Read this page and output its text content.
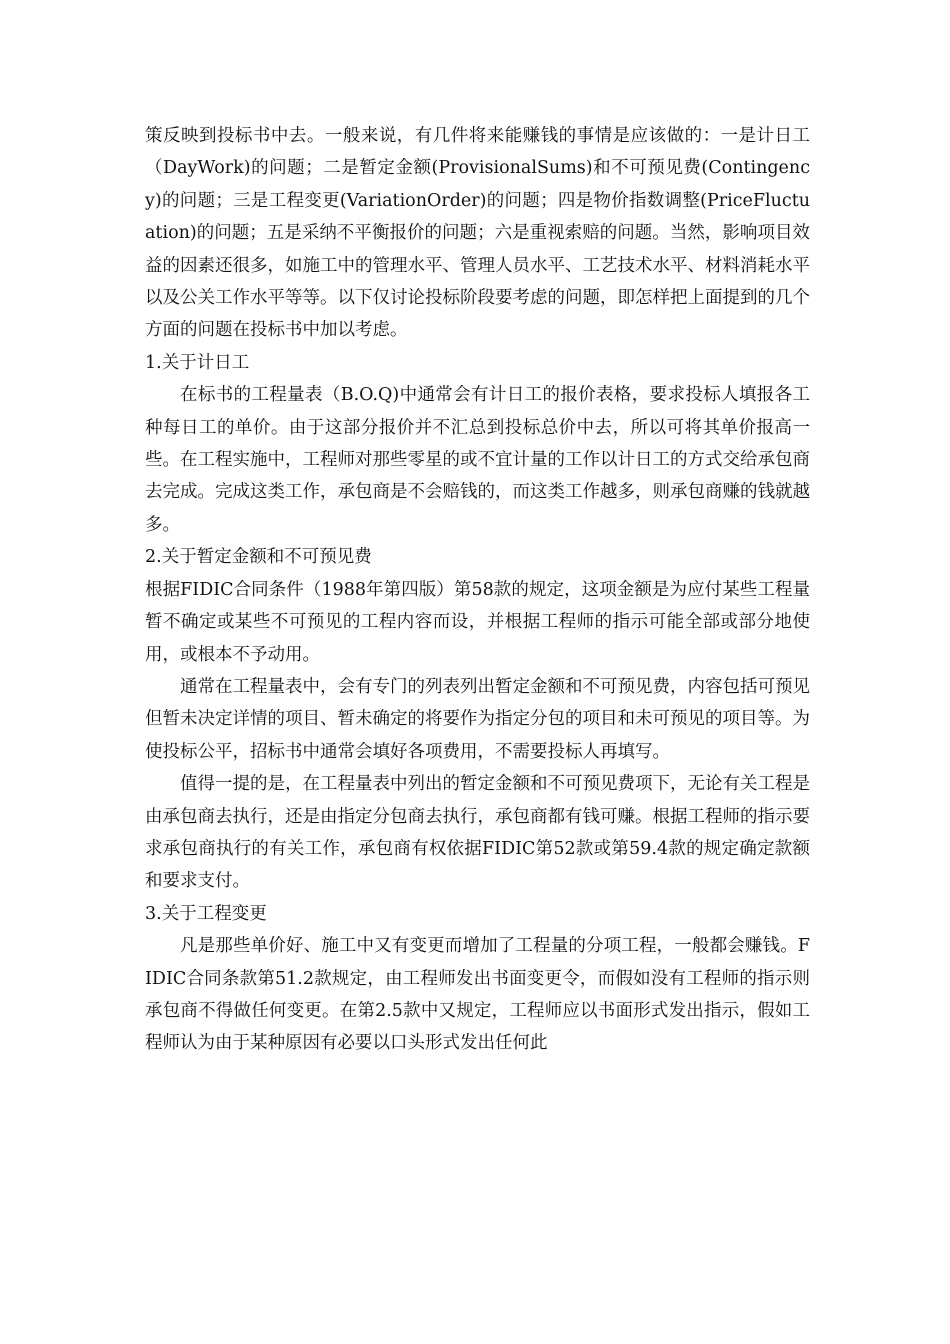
策反映到投标书中去。一般来说，有几件将来能赚钱的事情是应该做的：一是计日工（DayWork)的问题；二是暂定金额(ProvisionalSums)和不可预见费(Contingency)的问题；三是工程变更(VariationOrder)的问题；四是物价指数调整(PriceFluctuation)的问题；五是采纳不平衡报价的问题；六是重视索赔的问题。当然，影响项目效益的因素还很多，如施工中的管理水平、管理人员水平、工艺技术水平、材料消耗水平以及公关工作水平等等。以下仅讨论投标阶段要考虑的问题，即怎样把上面提到的几个方面的问题在投标书中加以考虑。

1.关于计日工

在标书的工程量表（B.O.Q)中通常会有计日工的报价表格，要求投标人填报各工种每日工的单价。由于这部分报价并不汇总到投标总价中去，所以可将其单价报高一些。在工程实施中，工程师对那些零星的或不宜计量的工作以计日工的方式交给承包商去完成。完成这类工作，承包商是不会赔钱的，而这类工作越多，则承包商赚的钱就越多。

2.关于暂定金额和不可预见费

根据FIDIC合同条件（1988年第四版）第58款的规定，这项金额是为应付某些工程量暂不确定或某些不可预见的工程内容而设，并根据工程师的指示可能全部或部分地使用，或根本不予动用。

通常在工程量表中，会有专门的列表列出暂定金额和不可预见费，内容包括可预见但暂未决定详情的项目、暂未确定的将要作为指定分包的项目和未可预见的项目等。为使投标公平，招标书中通常会填好各项费用，不需要投标人再填写。

值得一提的是，在工程量表中列出的暂定金额和不可预见费项下，无论有关工程是由承包商去执行，还是由指定分包商去执行，承包商都有钱可赚。根据工程师的指示要求承包商执行的有关工作，承包商有权依据FIDIC第52款或第59.4款的规定确定款额和要求支付。

3.关于工程变更

凡是那些单价好、施工中又有变更而增加了工程量的分项工程，一般都会赚钱。FIDIC合同条款第51.2款规定，由工程师发出书面变更令，而假如没有工程师的指示则承包商不得做任何变更。在第2.5款中又规定，工程师应以书面形式发出指示，假如工程师认为由于某种原因有必要以口头形式发出任何此
